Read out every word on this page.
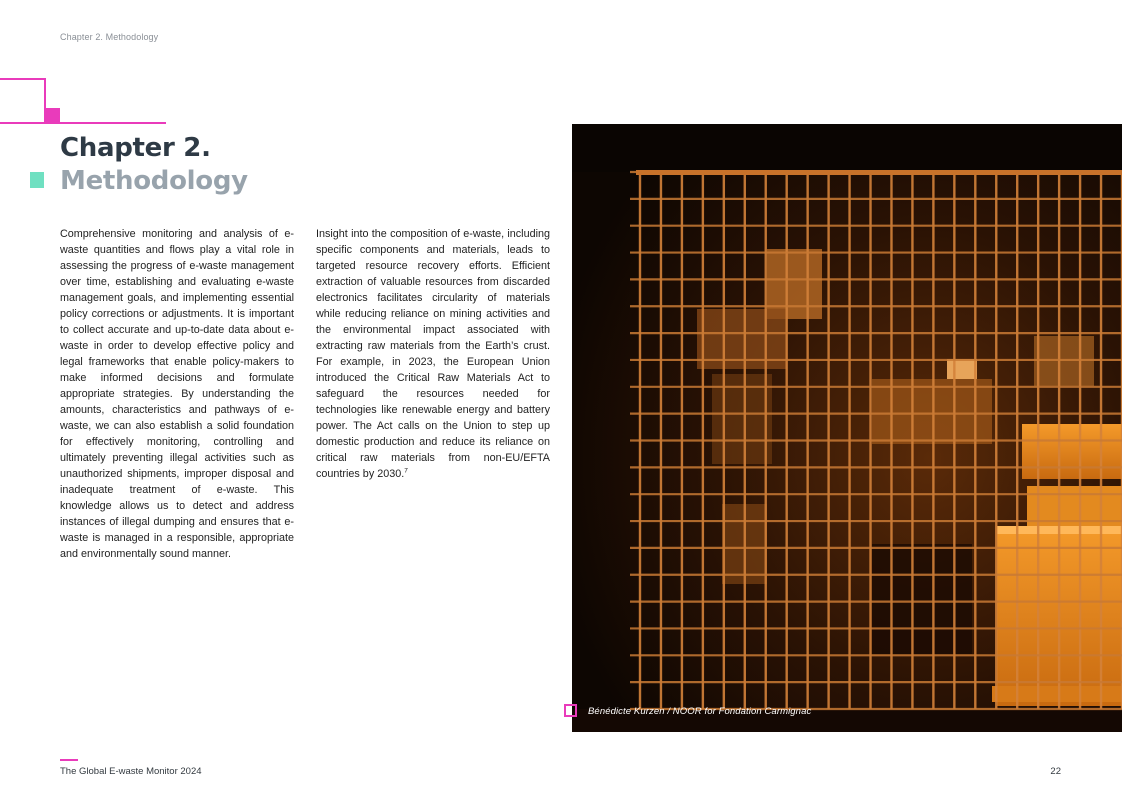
Chapter 2. Methodology
Chapter 2.
Methodology
Comprehensive monitoring and analysis of e-waste quantities and flows play a vital role in assessing the progress of e-waste management over time, establishing and evaluating e-waste management goals, and implementing essential policy corrections or adjustments. It is important to collect accurate and up-to-date data about e-waste in order to develop effective policy and legal frameworks that enable policy-makers to make informed decisions and formulate appropriate strategies. By understanding the amounts, characteristics and pathways of e-waste, we can also establish a solid foundation for effectively monitoring, controlling and ultimately preventing illegal activities such as unauthorized shipments, improper disposal and inadequate treatment of e-waste. This knowledge allows us to detect and address instances of illegal dumping and ensures that e-waste is managed in a responsible, appropriate and environmentally sound manner.
Insight into the composition of e-waste, including specific components and materials, leads to targeted resource recovery efforts. Efficient extraction of valuable resources from discarded electronics facilitates circularity of materials while reducing reliance on mining activities and the environmental impact associated with extracting raw materials from the Earth’s crust. For example, in 2023, the European Union introduced the Critical Raw Materials Act to safeguard the resources needed for technologies like renewable energy and battery power. The Act calls on the Union to step up domestic production and reduce its reliance on critical raw materials from non-EU/EFTA countries by 2030.$^7$
Bénédicte Kurzen / NOOR for Fondation Carmignac
The Global E-waste Monitor 2024	22
